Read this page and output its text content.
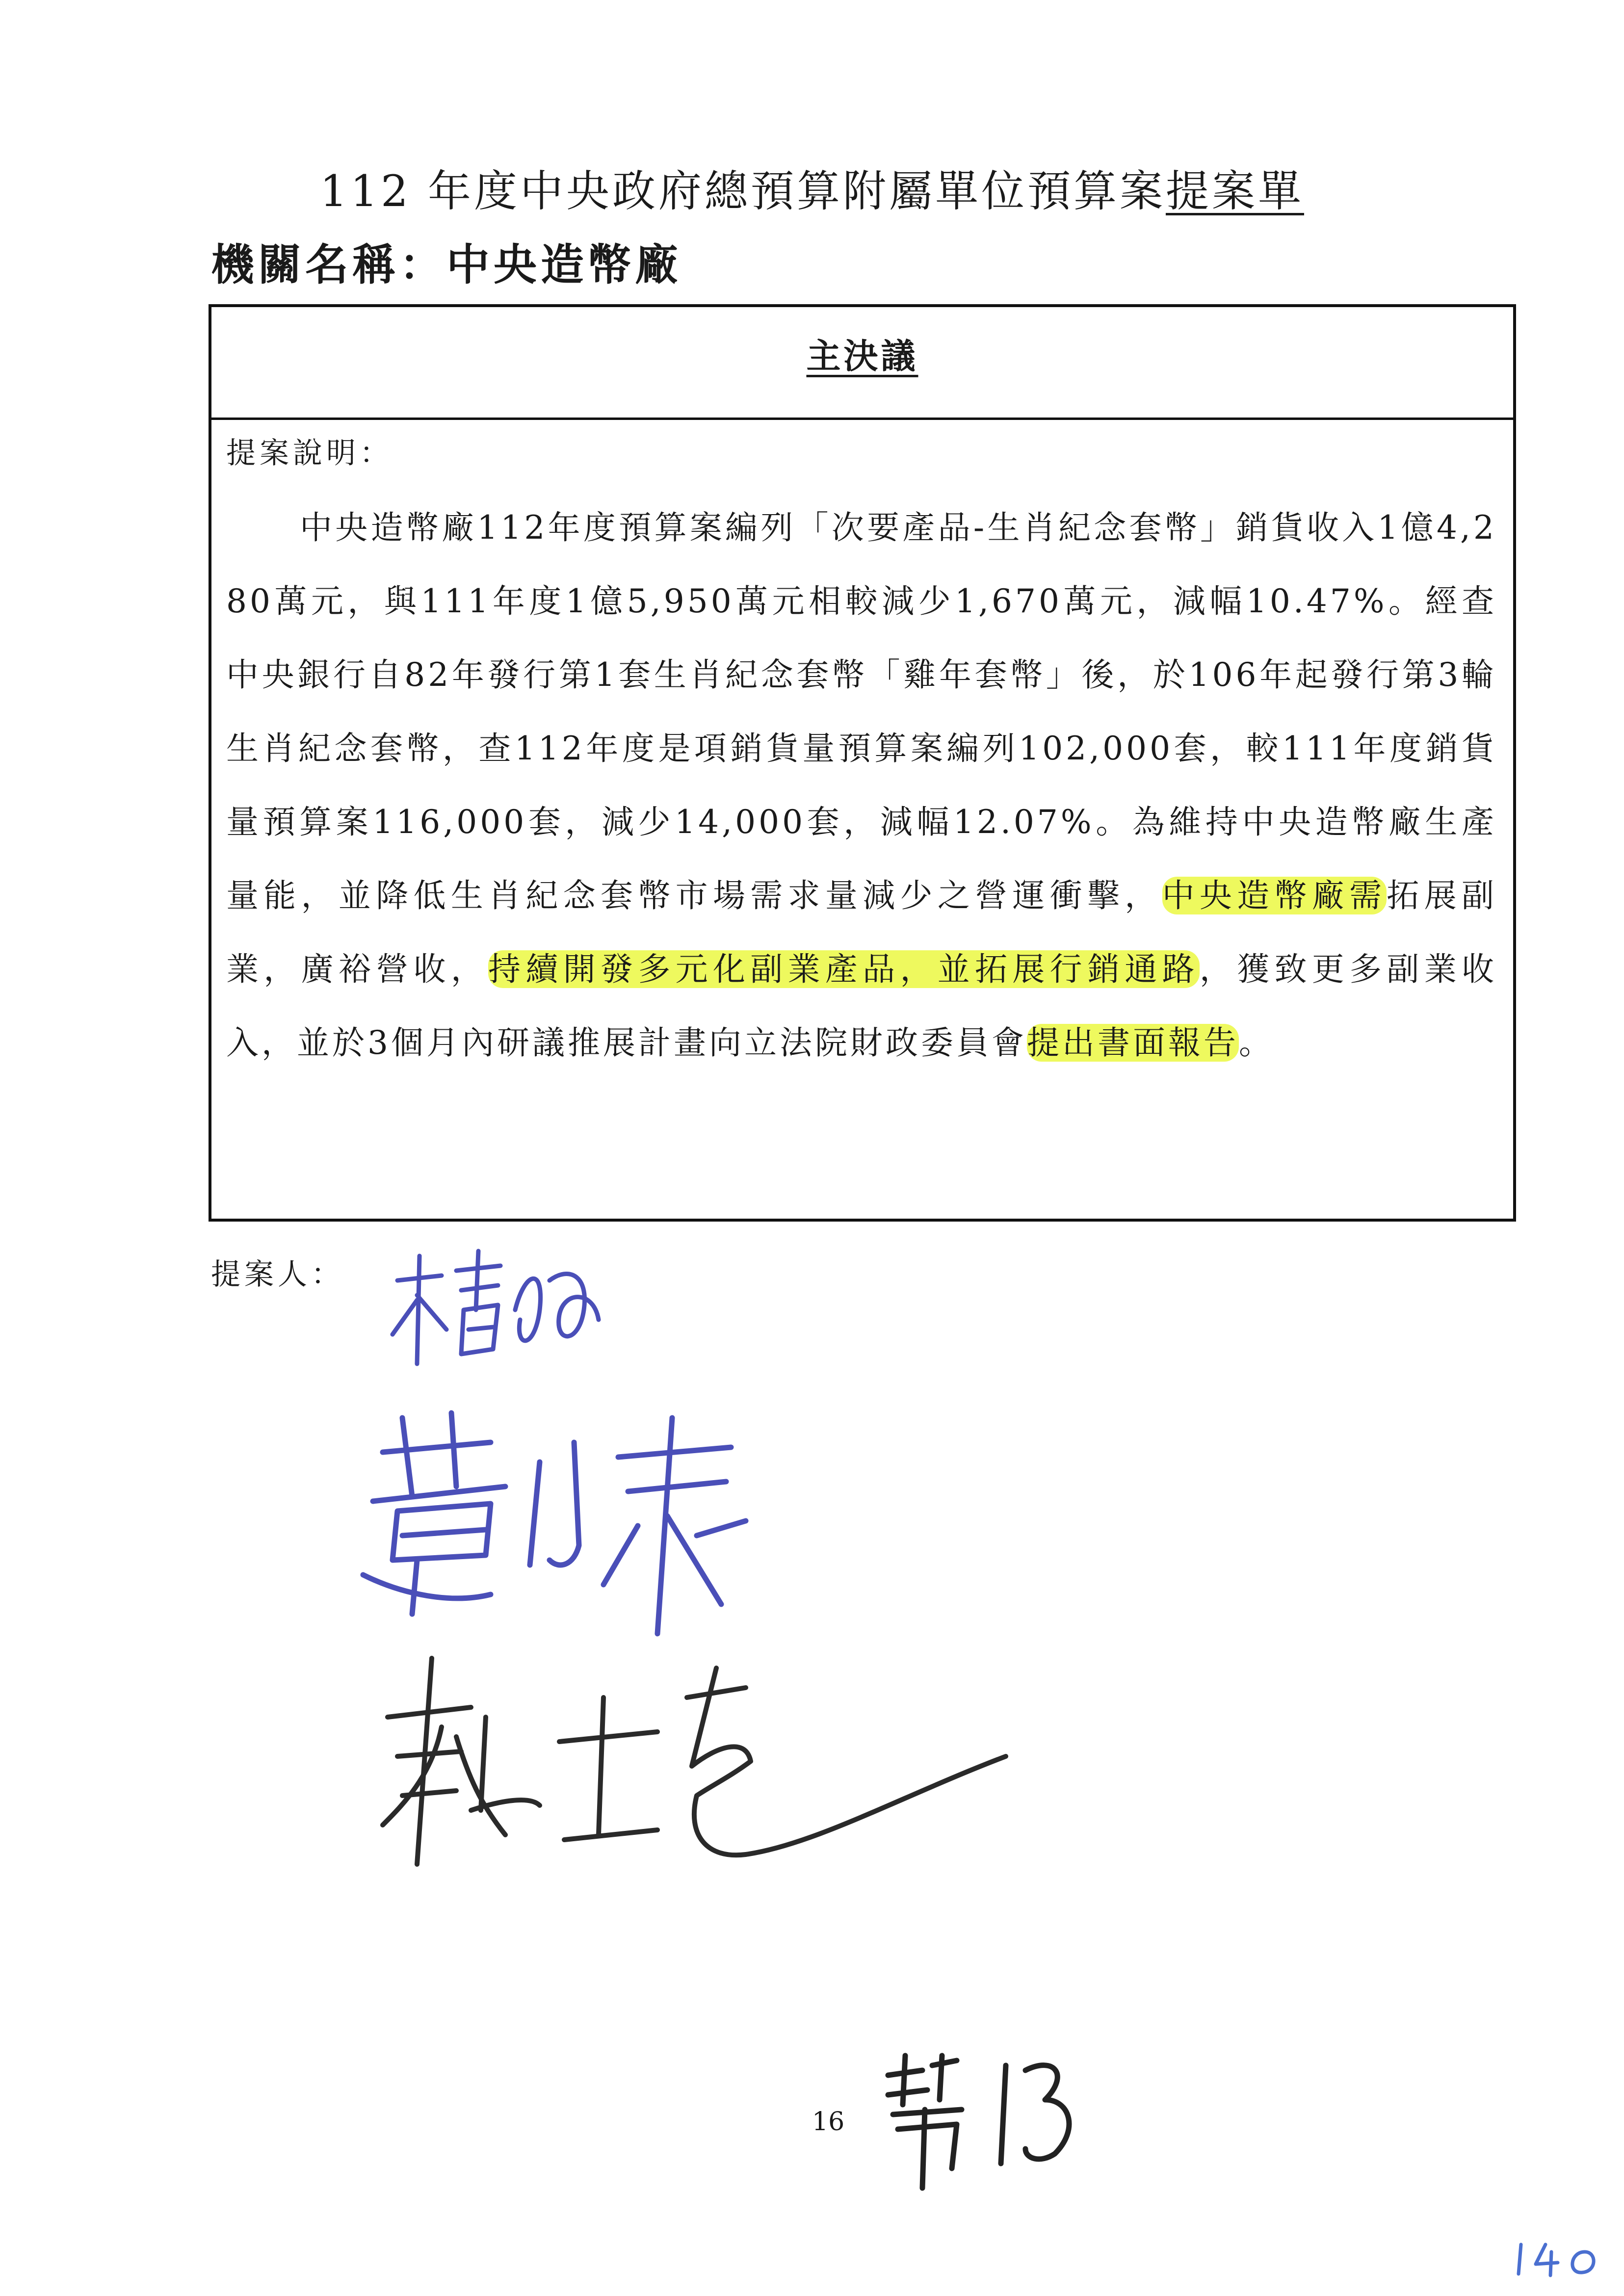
112 年度中央政府總預算附屬單位預算案提案單
機關名稱：中央造幣廠
主決議
提案說明：
中央造幣廠112年度預算案編列「次要產品-生肖紀念套幣」銷貨收入1億4,280萬元，與111年度1億5,950萬元相較減少1,670萬元，減幅10.47%。經查中央銀行自82年發行第1套生肖紀念套幣「雞年套幣」後，於106年起發行第3輪生肖紀念套幣，查112年度是項銷貨量預算案編列102,000套，較111年度銷貨量預算案116,000套，減少14,000套，減幅12.07%。為維持中央造幣廠生產量能，並降低生肖紀念套幣市場需求量減少之營運衝擊，中央造幣廠需拓展副業，廣裕營收，持續開發多元化副業產品，並拓展行銷通路，獲致更多副業收入，並於3個月內研議推展計畫向立法院財政委員會提出書面報告。
提案人：
16
